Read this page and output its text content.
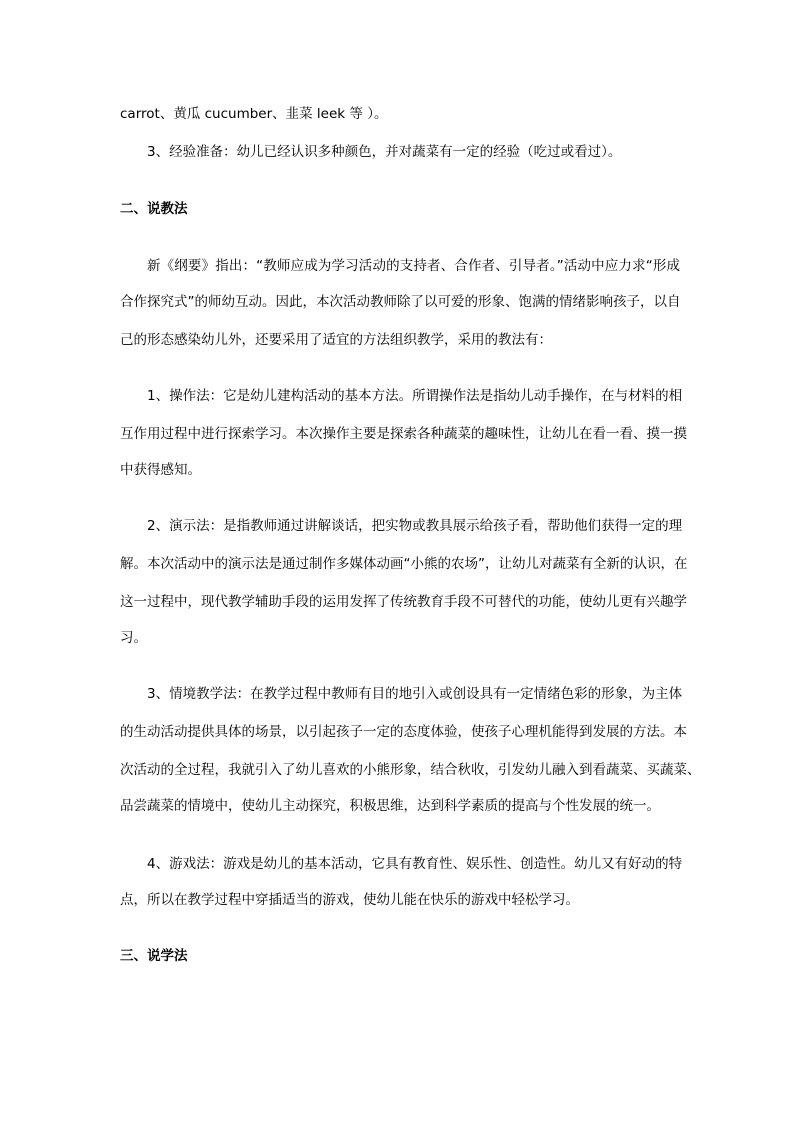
carrot、黄瓜 cucumber、韭菜 leek 等 ）。
3、经验准备：幼儿已经认识多种颜色，并对蔬菜有一定的经验（吃过或看过）。
二、说教法
新《纲要》指出：“教师应成为学习活动的支持者、合作者、引导者。”活动中应力求“形成
合作探究式”的师幼互动。因此，本次活动教师除了以可爱的形象、饱满的情绪影响孩子，以自
己的形态感染幼儿外，还要采用了适宜的方法组织教学，采用的教法有：
1、操作法：它是幼儿建构活动的基本方法。所谓操作法是指幼儿动手操作，在与材料的相
互作用过程中进行探索学习。本次操作主要是探索各种蔬菜的趣味性，让幼儿在看一看、摸一摸
中获得感知。
2、演示法：是指教师通过讲解谈话，把实物或教具展示给孩子看，帮助他们获得一定的理
解。本次活动中的演示法是通过制作多媒体动画“小熊的农场”，让幼儿对蔬菜有全新的认识，在
这一过程中，现代教学辅助手段的运用发挥了传统教育手段不可替代的功能，使幼儿更有兴趣学
习。
3、情境教学法：在教学过程中教师有目的地引入或创设具有一定情绪色彩的形象，为主体
的生动活动提供具体的场景，以引起孩子一定的态度体验，使孩子心理机能得到发展的方法。本
次活动的全过程，我就引入了幼儿喜欢的小熊形象，结合秋收，引发幼儿融入到看蔬菜、买蔬菜、
品尝蔬菜的情境中，使幼儿主动探究，积极思维，达到科学素质的提高与个性发展的统一。
4、游戏法：游戏是幼儿的基本活动，它具有教育性、娱乐性、创造性。幼儿又有好动的特
点，所以在教学过程中穿插适当的游戏，使幼儿能在快乐的游戏中轻松学习。
三、说学法
